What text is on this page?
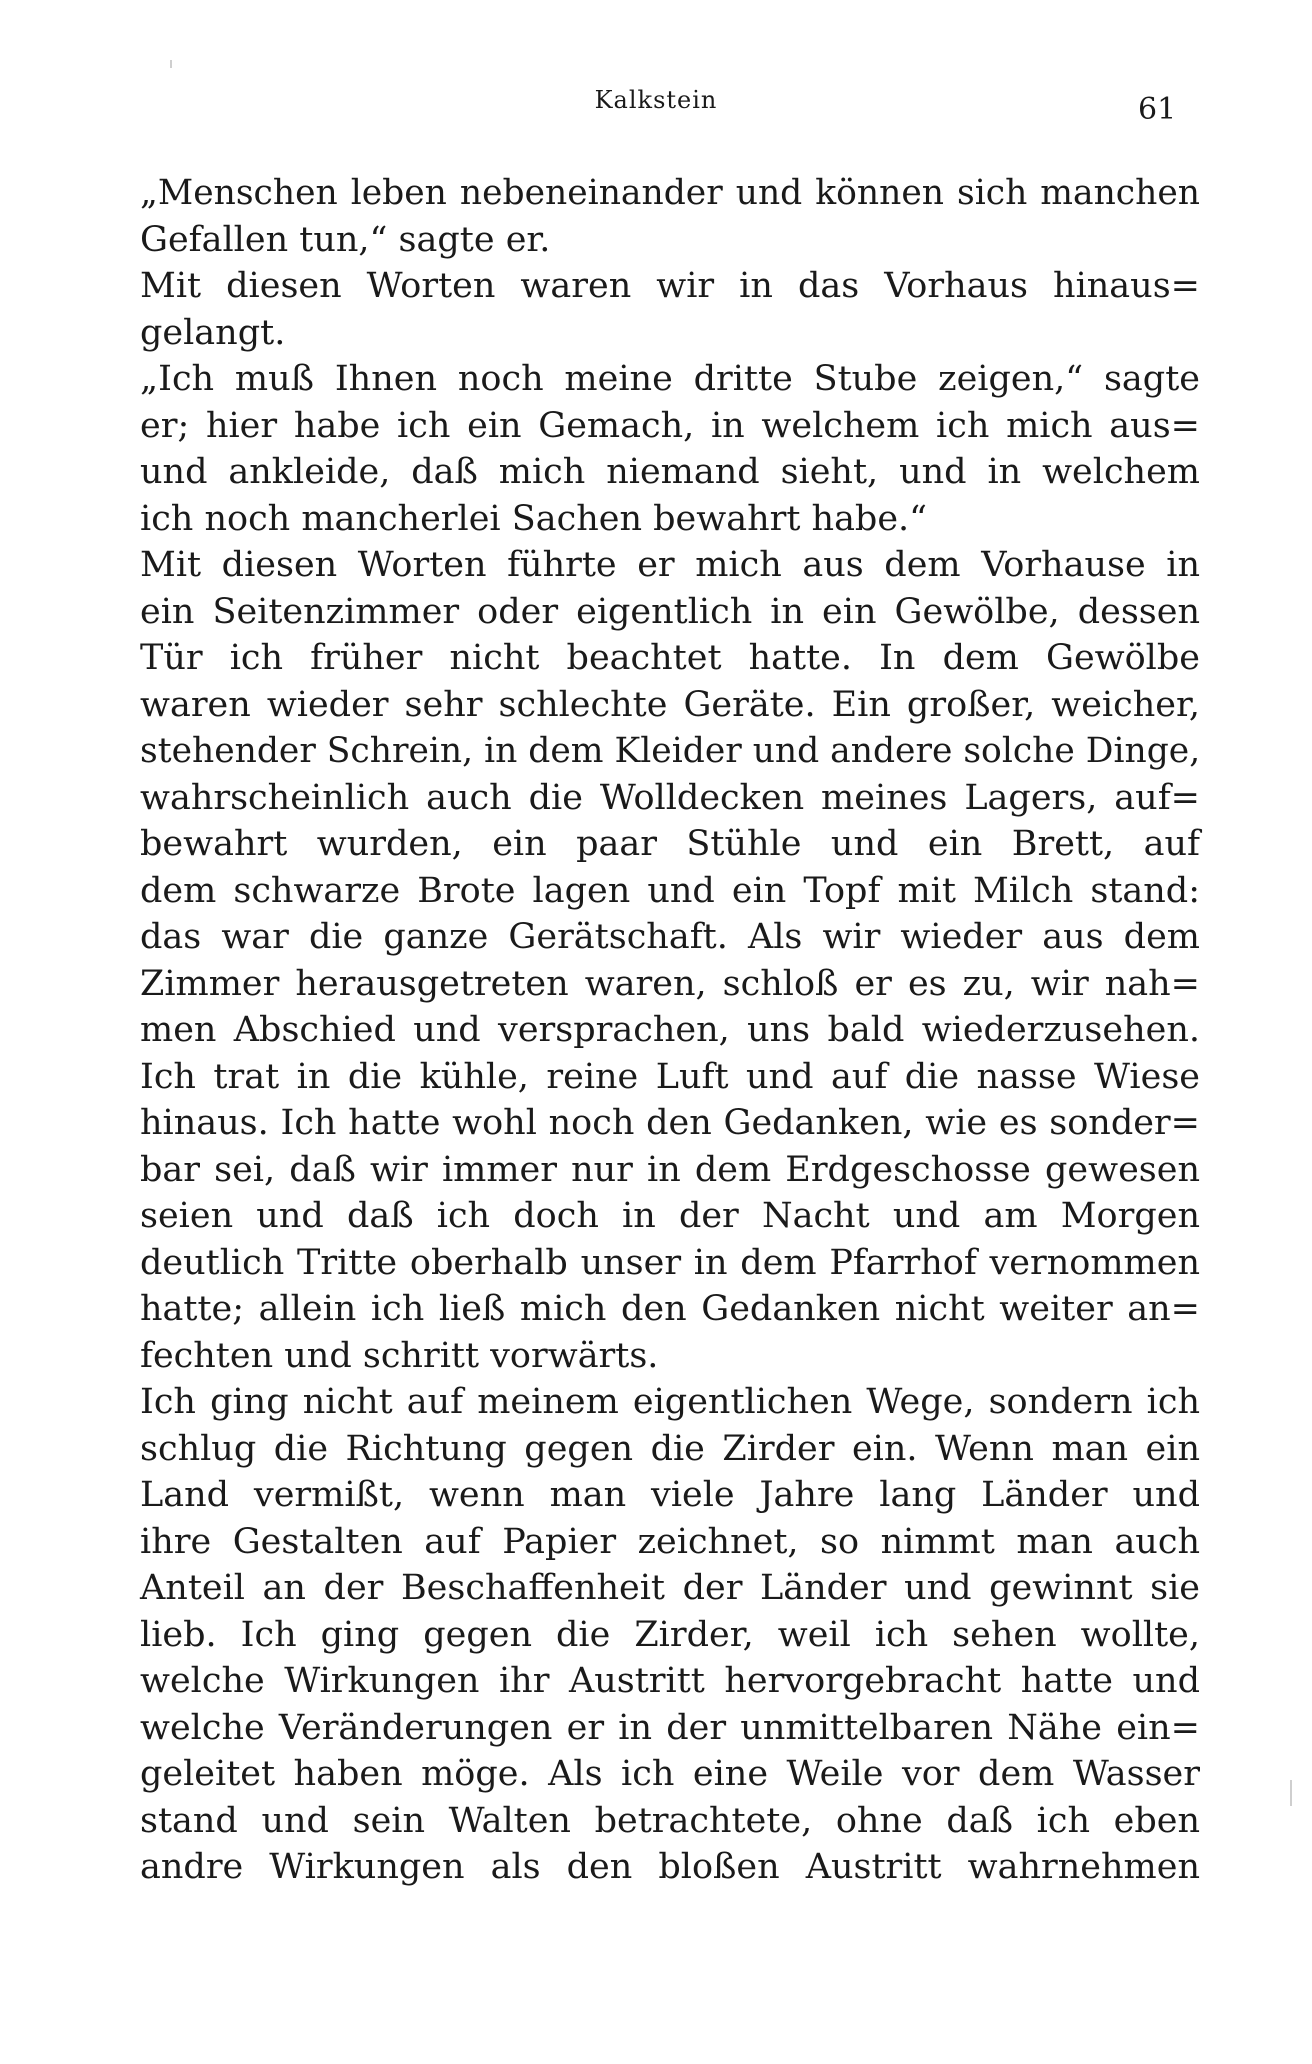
Kalkstein	61
„Menschen leben nebeneinander und können sich manchen
Gefallen tun,“ sagte er.
Mit diesen Worten waren wir in das Vorhaus hinaus=
gelangt.
„Ich muß Ihnen noch meine dritte Stube zeigen,“ sagte
er; hier habe ich ein Gemach, in welchem ich mich aus=
und ankleide, daß mich niemand sieht, und in welchem
ich noch mancherlei Sachen bewahrt habe.“
Mit diesen Worten führte er mich aus dem Vorhause in
ein Seitenzimmer oder eigentlich in ein Gewölbe, dessen
Tür ich früher nicht beachtet hatte. In dem Gewölbe
waren wieder sehr schlechte Geräte. Ein großer, weicher,
stehender Schrein, in dem Kleider und andere solche Dinge,
wahrscheinlich auch die Wolldecken meines Lagers, auf=
bewahrt wurden, ein paar Stühle und ein Brett, auf
dem schwarze Brote lagen und ein Topf mit Milch stand:
das war die ganze Gerätschaft. Als wir wieder aus dem
Zimmer herausgetreten waren, schloß er es zu, wir nah=
men Abschied und versprachen, uns bald wiederzusehen.
Ich trat in die kühle, reine Luft und auf die nasse Wiese
hinaus. Ich hatte wohl noch den Gedanken, wie es sonder=
bar sei, daß wir immer nur in dem Erdgeschosse gewesen
seien und daß ich doch in der Nacht und am Morgen
deutlich Tritte oberhalb unser in dem Pfarrhof vernommen
hatte; allein ich ließ mich den Gedanken nicht weiter an=
fechten und schritt vorwärts.
Ich ging nicht auf meinem eigentlichen Wege, sondern ich
schlug die Richtung gegen die Zirder ein. Wenn man ein
Land vermißt, wenn man viele Jahre lang Länder und
ihre Gestalten auf Papier zeichnet, so nimmt man auch
Anteil an der Beschaffenheit der Länder und gewinnt sie
lieb. Ich ging gegen die Zirder, weil ich sehen wollte,
welche Wirkungen ihr Austritt hervorgebracht hatte und
welche Veränderungen er in der unmittelbaren Nähe ein=
geleitet haben möge. Als ich eine Weile vor dem Wasser
stand und sein Walten betrachtete, ohne daß ich eben
andre Wirkungen als den bloßen Austritt wahrnehmen
